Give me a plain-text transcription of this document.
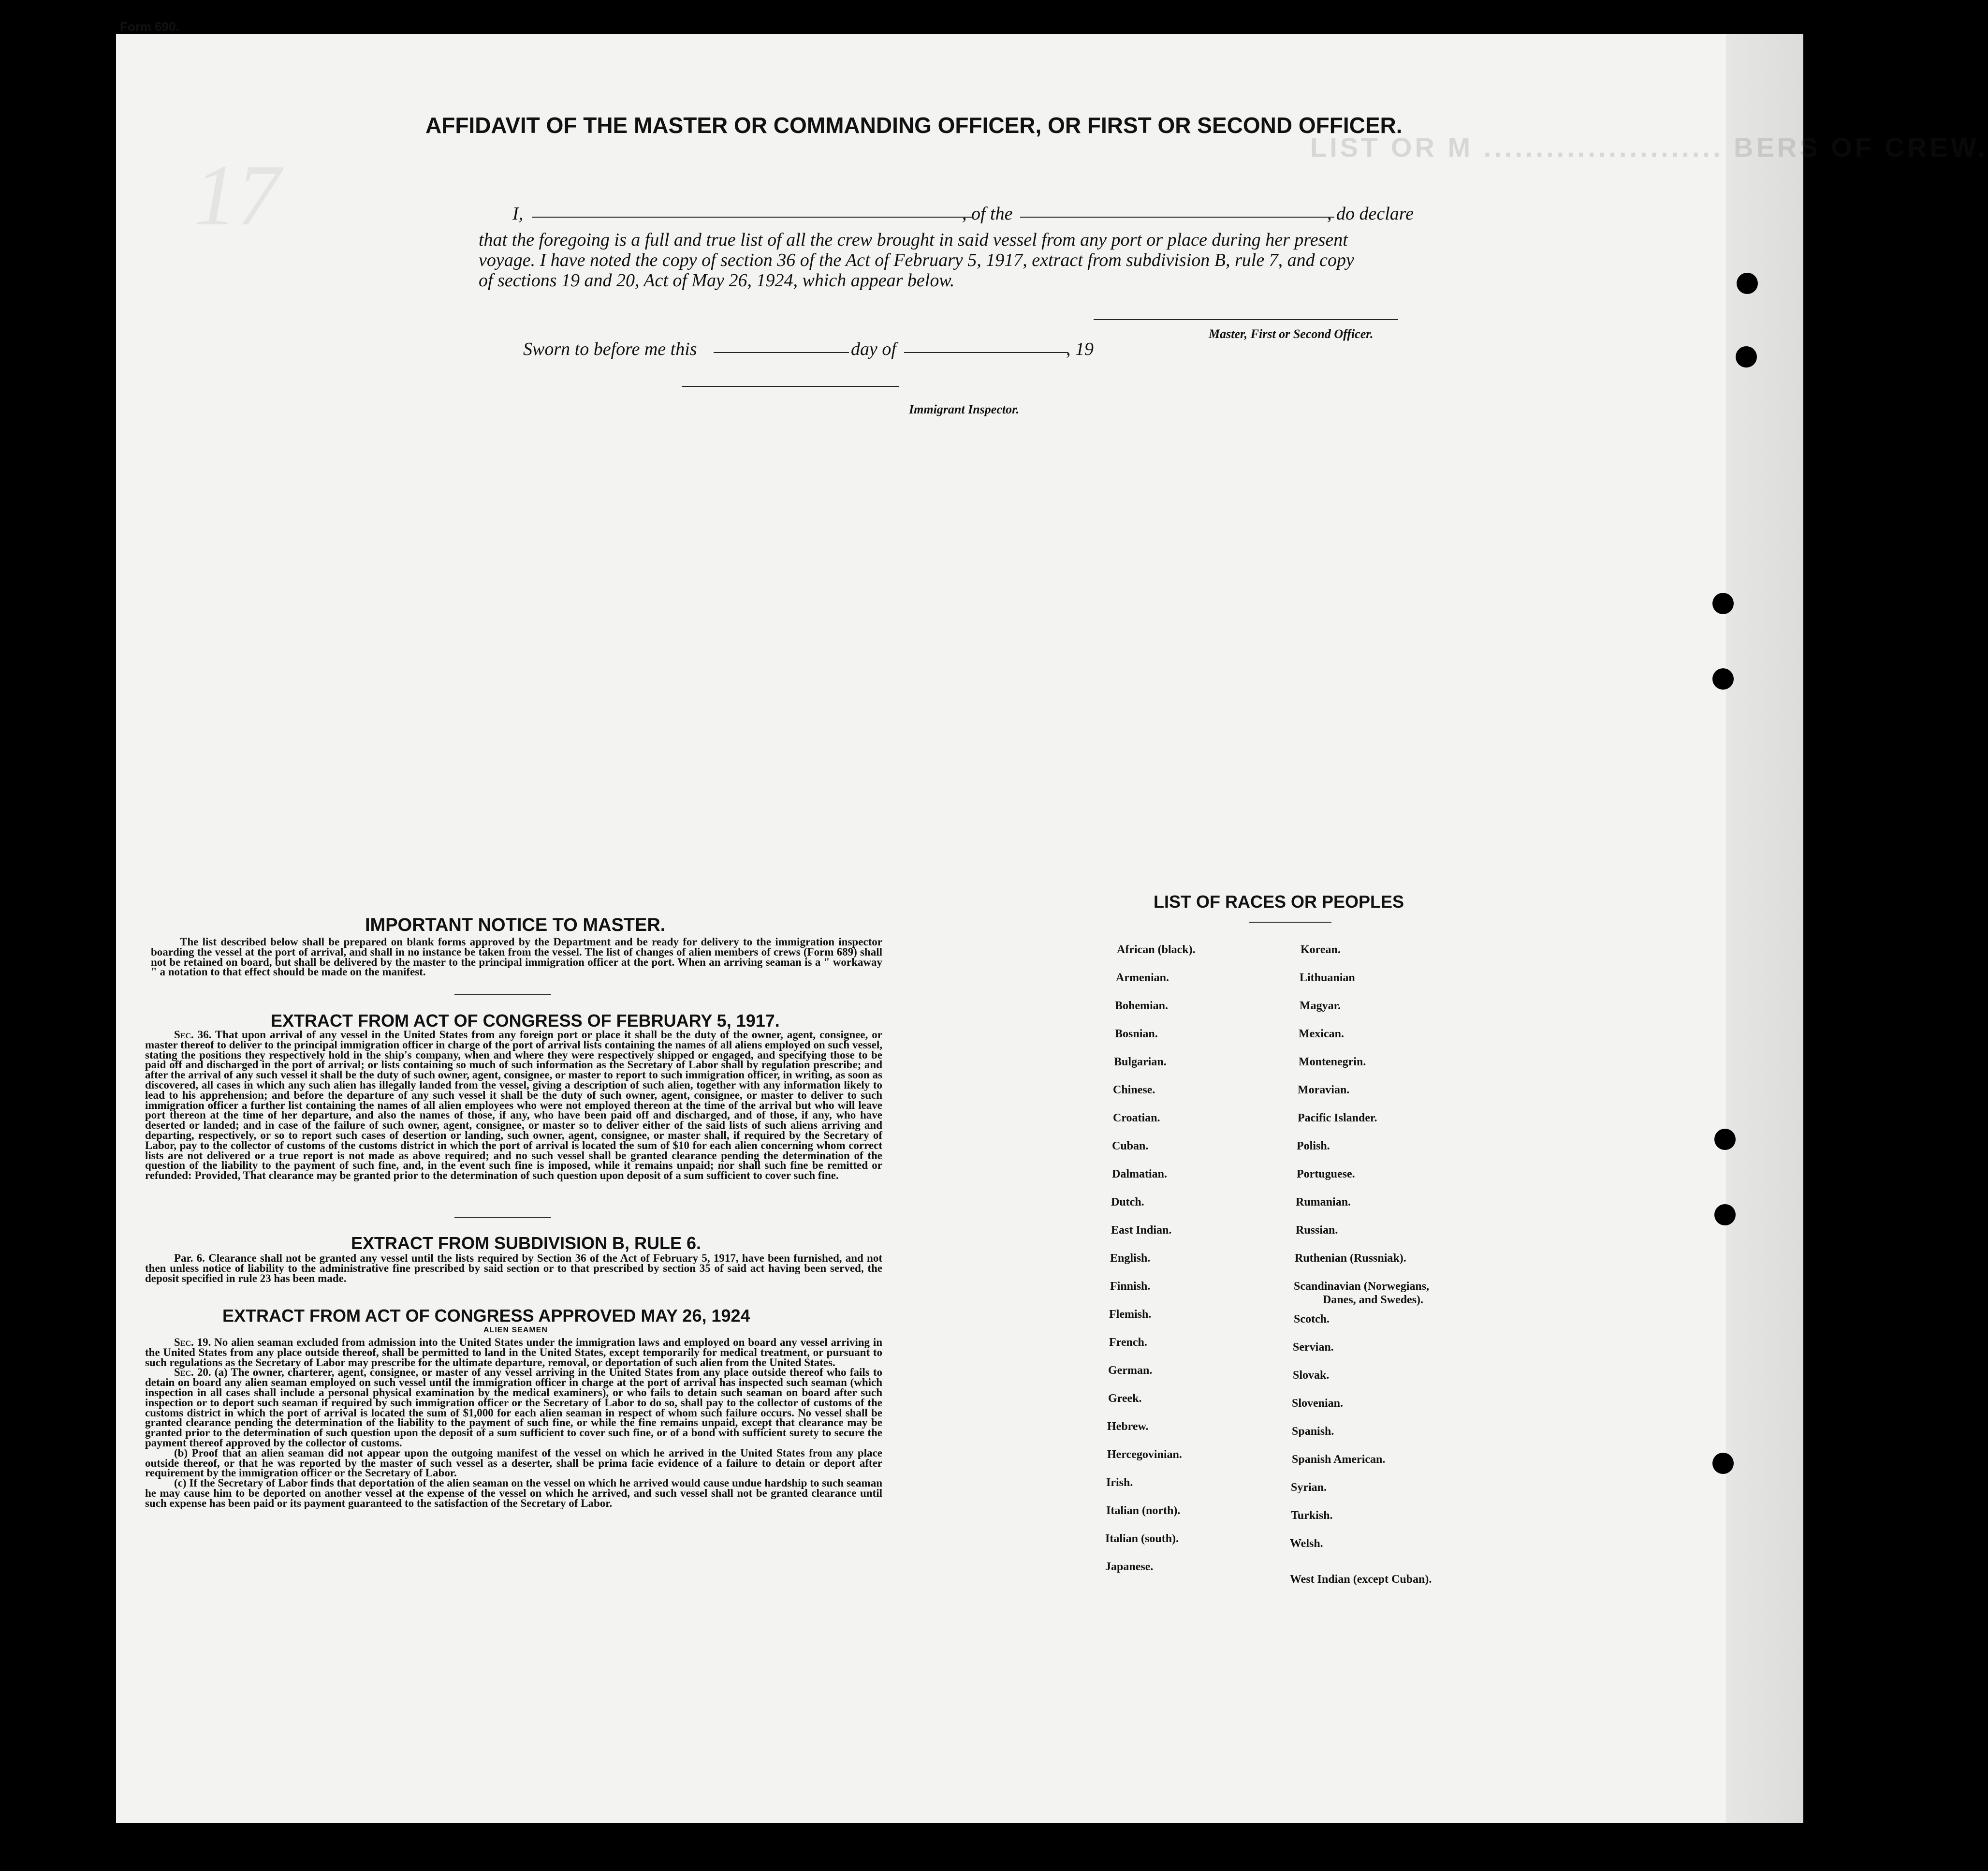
LIST OR M ....................... BERS OF CREW.
17
Form 690.
AFFIDAVIT OF THE MASTER OR COMMANDING OFFICER, OR FIRST OR SECOND OFFICER.
I,	, of the	, do declare
that the foregoing is a full and true list of all the crew brought in said vessel from any port or place during her present
voyage. I have noted the copy of section 36 of the Act of February 5, 1917, extract from subdivision B, rule 7, and copy
of sections 19 and 20, Act of May 26, 1924, which appear below.
Master, First or Second Officer.
Sworn to before me this	day of	, 19
Immigrant Inspector.
IMPORTANT NOTICE TO MASTER.

The list described below shall be prepared on blank forms approved by the Department and be ready for delivery to the immigration inspector boarding the vessel at the port of arrival, and shall in no instance be taken from the vessel. The list of changes of alien members of crews (Form 689) shall not be retained on board, but shall be delivered by the master to the principal immigration officer at the port. When an arriving seaman is a " workaway " a notation to that effect should be made on the manifest.

EXTRACT FROM ACT OF CONGRESS OF FEBRUARY 5, 1917.

Sec. 36. That upon arrival of any vessel in the United States from any foreign port or place it shall be the duty of the owner, agent, consignee, or master thereof to deliver to the principal immigration officer in charge of the port of arrival lists containing the names of all aliens employed on such vessel, stating the positions they respectively hold in the ship's company, when and where they were respectively shipped or engaged, and specifying those to be paid off and discharged in the port of arrival; or lists containing so much of such information as the Secretary of Labor shall by regulation prescribe; and after the arrival of any such vessel it shall be the duty of such owner, agent, consignee, or master to report to such immigration officer, in writing, as soon as discovered, all cases in which any such alien has illegally landed from the vessel, giving a description of such alien, together with any information likely to lead to his apprehension; and before the departure of any such vessel it shall be the duty of such owner, agent, consignee, or master to deliver to such immigration officer a further list containing the names of all alien employees who were not employed thereon at the time of the arrival but who will leave port thereon at the time of her departure, and also the names of those, if any, who have been paid off and discharged, and of those, if any, who have deserted or landed; and in case of the failure of such owner, agent, consignee, or master so to deliver either of the said lists of such aliens arriving and departing, respectively, or so to report such cases of desertion or landing, such owner, agent, consignee, or master shall, if required by the Secretary of Labor, pay to the collector of customs of the customs district in which the port of arrival is located the sum of $10 for each alien concerning whom correct lists are not delivered or a true report is not made as above required; and no such vessel shall be granted clearance pending the determination of the question of the liability to the payment of such fine, and, in the event such fine is imposed, while it remains unpaid; nor shall such fine be remitted or refunded: Provided, That clearance may be granted prior to the determination of such question upon deposit of a sum sufficient to cover such fine.

EXTRACT FROM SUBDIVISION B, RULE 6.

Par. 6. Clearance shall not be granted any vessel until the lists required by Section 36 of the Act of February 5, 1917, have been furnished, and not then unless notice of liability to the administrative fine prescribed by said section or to that prescribed by section 35 of said act having been served, the deposit specified in rule 23 has been made.

EXTRACT FROM ACT OF CONGRESS APPROVED MAY 26, 1924
ALIEN SEAMEN

Sec. 19. No alien seaman excluded from admission into the United States under the immigration laws and employed on board any vessel arriving in the United States from any place outside thereof, shall be permitted to land in the United States, except temporarily for medical treatment, or pursuant to such regulations as the Secretary of Labor may prescribe for the ultimate departure, removal, or deportation of such alien from the United States.

Sec. 20. (a) The owner, charterer, agent, consignee, or master of any vessel arriving in the United States from any place outside thereof who fails to detain on board any alien seaman employed on such vessel until the immigration officer in charge at the port of arrival has inspected such seaman (which inspection in all cases shall include a personal physical examination by the medical examiners), or who fails to detain such seaman on board after such inspection or to deport such seaman if required by such immigration officer or the Secretary of Labor to do so, shall pay to the collector of customs of the customs district in which the port of arrival is located the sum of $1,000 for each alien seaman in respect of whom such failure occurs. No vessel shall be granted clearance pending the determination of the liability to the payment of such fine, or while the fine remains unpaid, except that clearance may be granted prior to the determination of such question upon the deposit of a sum sufficient to cover such fine, or of a bond with sufficient surety to secure the payment thereof approved by the collector of customs.

(b) Proof that an alien seaman did not appear upon the outgoing manifest of the vessel on which he arrived in the United States from any place outside thereof, or that he was reported by the master of such vessel as a deserter, shall be prima facie evidence of a failure to detain or deport after requirement by the immigration officer or the Secretary of Labor.

(c) If the Secretary of Labor finds that deportation of the alien seaman on the vessel on which he arrived would cause undue hardship to such seaman he may cause him to be deported on another vessel at the expense of the vessel on which he arrived, and such vessel shall not be granted clearance until such expense has been paid or its payment guaranteed to the satisfaction of the Secretary of Labor.

LIST OF RACES OR PEOPLES
African (black).
Armenian.
Bohemian.
Bosnian.
Bulgarian.
Chinese.
Croatian.
Cuban.
Dalmatian.
Dutch.
East Indian.
English.
Finnish.
Flemish.
French.
German.
Greek.
Hebrew.
Hercegovinian.
Irish.
Italian (north).
Italian (south).
Japanese.
Korean.
Lithuanian
Magyar.
Mexican.
Montenegrin.
Moravian.
Pacific Islander.
Polish.
Portuguese.
Rumanian.
Russian.
Ruthenian (Russniak).
Scandinavian (Norwegians,
Danes, and Swedes).
Scotch.
Servian.
Slovak.
Slovenian.
Spanish.
Spanish American.
Syrian.
Turkish.
Welsh.
West Indian (except Cuban).
